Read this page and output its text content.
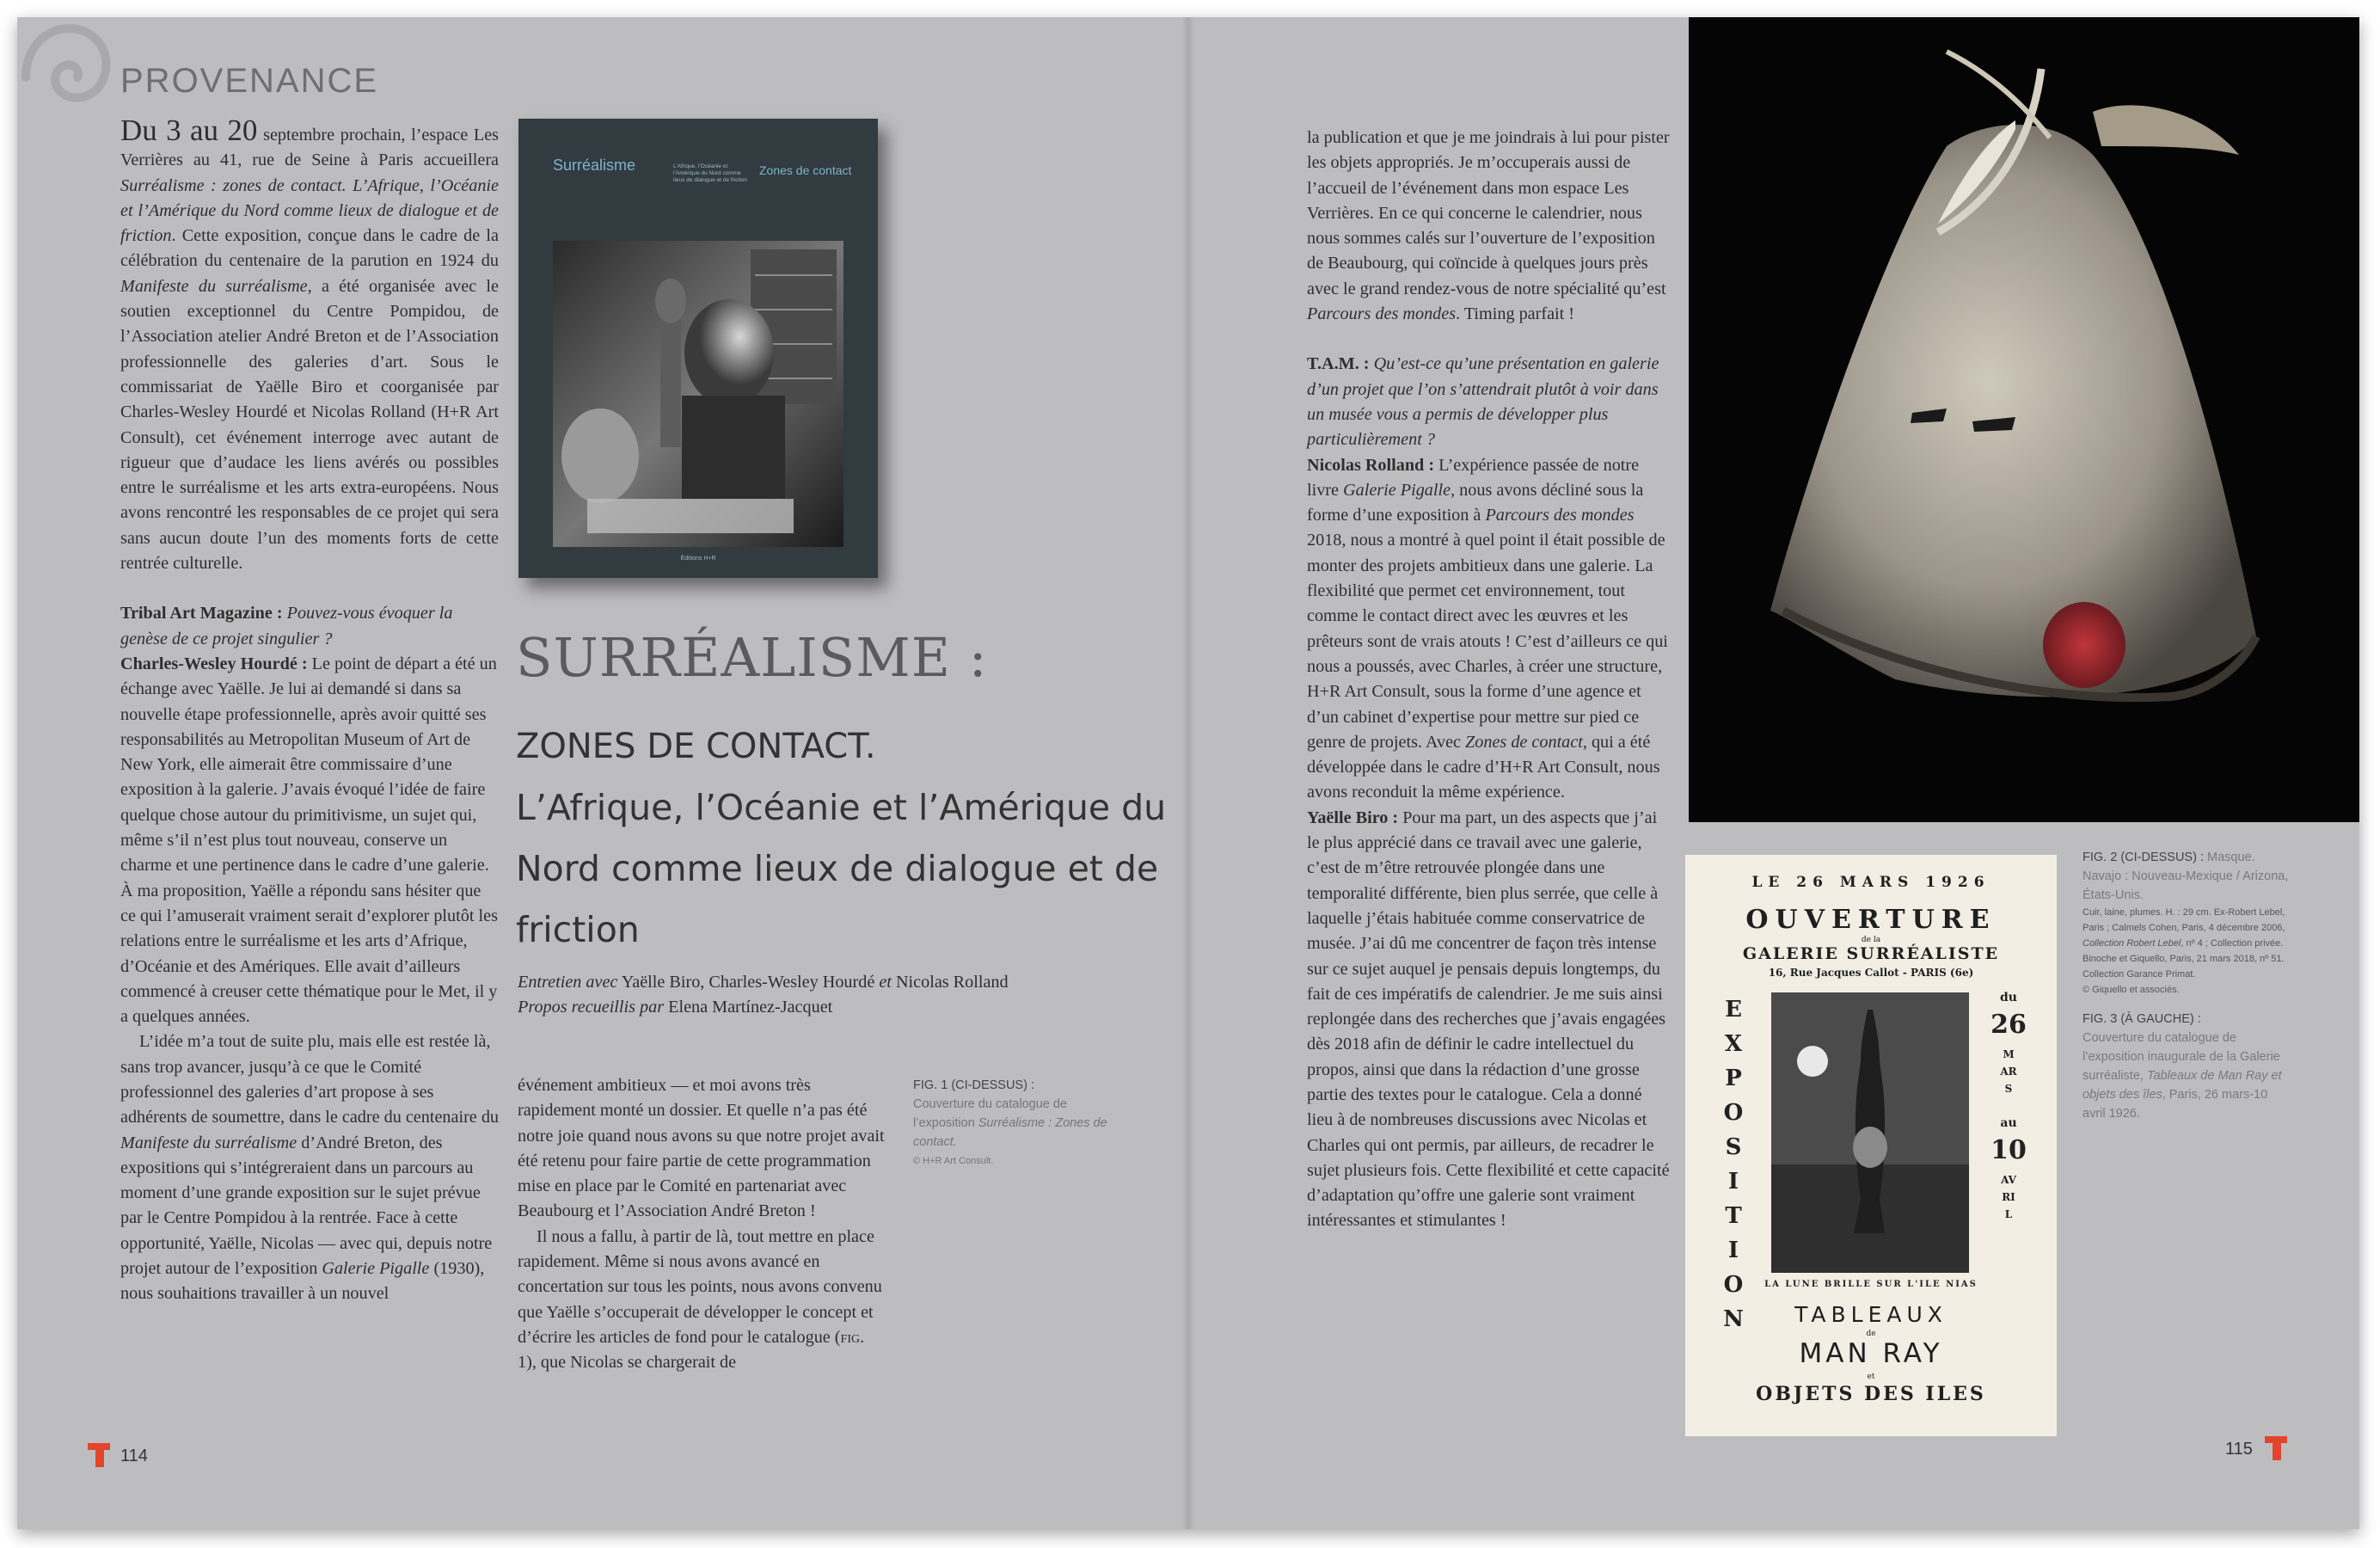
PROVENANCE

Du 3 au 20 septembre prochain, l’espace Les Verrières au 41, rue de Seine à Paris accueillera Surréalisme : zones de contact. L’Afrique, l’Océanie et l’Amérique du Nord comme lieux de dialogue et de friction. Cette exposition, conçue dans le cadre de la célébration du centenaire de la parution en 1924 du Manifeste du surréalisme, a été organisée avec le soutien exceptionnel du Centre Pompidou, de l’Association atelier André Breton et de l’Association professionnelle des galeries d’art. Sous le commissariat de Yaëlle Biro et coorganisée par Charles-Wesley Hourdé et Nicolas Rolland (H+R Art Consult), cet événement interroge avec autant de rigueur que d’audace les liens avérés ou possibles entre le surréalisme et les arts extra-européens. Nous avons rencontré les responsables de ce projet qui sera sans aucun doute l’un des moments forts de cette rentrée culturelle.

Tribal Art Magazine : Pouvez-vous évoquer la genèse de ce projet singulier ?

Charles-Wesley Hourdé : Le point de départ a été un échange avec Yaëlle. Je lui ai demandé si dans sa nouvelle étape professionnelle, après avoir quitté ses responsabilités au Metropolitan Museum of Art de New York, elle aimerait être commissaire d’une exposition à la galerie. J’avais évoqué l’idée de faire quelque chose autour du primitivisme, un sujet qui, même s’il n’est plus tout nouveau, conserve un charme et une pertinence dans le cadre d’une galerie. À ma proposition, Yaëlle a répondu sans hésiter que ce qui l’amuserait vraiment serait d’explorer plutôt les relations entre le surréalisme et les arts d’Afrique, d’Océanie et des Amériques. Elle avait d’ailleurs commencé à creuser cette thématique pour le Met, il y a quelques années.

L’idée m’a tout de suite plu, mais elle est restée là, sans trop avancer, jusqu’à ce que le Comité professionnel des galeries d’art propose à ses adhérents de soumettre, dans le cadre du centenaire du Manifeste du surréalisme d’André Breton, des expositions qui s’intégreraient dans un parcours au moment d’une grande exposition sur le sujet prévue par le Centre Pompidou à la rentrée. Face à cette opportunité, Yaëlle, Nicolas — avec qui, depuis notre projet autour de l’exposition Galerie Pigalle (1930), nous souhaitions travailler à un nouvel

Surréalisme	L’Afrique, l’Océanie et l’Amérique du Nord comme lieux de dialogue et de friction
Zones de contact
Éditions H+R
SURRÉALISME :
ZONES DE CONTACT.
L’Afrique, l’Océanie et l’Amérique du Nord comme lieux de dialogue et de friction
Entretien avec Yaëlle Biro, Charles-Wesley Hourdé et Nicolas Rolland
Propos recueillis par Elena Martínez-Jacquet

événement ambitieux — et moi avons très rapidement monté un dossier. Et quelle n’a pas été notre joie quand nous avons su que notre projet avait été retenu pour faire partie de cette programmation mise en place par le Comité en partenariat avec Beaubourg et l’Association André Breton !

Il nous a fallu, à partir de là, tout mettre en place rapidement. Même si nous avons avancé en concertation sur tous les points, nous avons convenu que Yaëlle s’occuperait de développer le concept et d’écrire les articles de fond pour le catalogue (fig. 1), que Nicolas se chargerait de

FIG. 1 (CI-DESSUS) :
Couverture du catalogue de l’exposition Surréalisme : Zones de contact.
© H+R Art Consult.
114

la publication et que je me joindrais à lui pour pister les objets appropriés. Je m’occuperais aussi de l’accueil de l’événement dans mon espace Les Verrières. En ce qui concerne le calendrier, nous nous sommes calés sur l’ouverture de l’exposition de Beaubourg, qui coïncide à quelques jours près avec le grand rendez-vous de notre spécialité qu’est Parcours des mondes. Timing parfait !

T.A.M. : Qu’est-ce qu’une présentation en galerie d’un projet que l’on s’attendrait plutôt à voir dans un musée vous a permis de développer plus particulièrement ?

Nicolas Rolland : L’expérience passée de notre livre Galerie Pigalle, nous avons décliné sous la forme d’une exposition à Parcours des mondes 2018, nous a montré à quel point il était possible de monter des projets ambitieux dans une galerie. La flexibilité que permet cet environnement, tout comme le contact direct avec les œuvres et les prêteurs sont de vrais atouts ! C’est d’ailleurs ce qui nous a poussés, avec Charles, à créer une structure, H+R Art Consult, sous la forme d’une agence et d’un cabinet d’expertise pour mettre sur pied ce genre de projets. Avec Zones de contact, qui a été développée dans le cadre d’H+R Art Consult, nous avons reconduit la même expérience.

Yaëlle Biro : Pour ma part, un des aspects que j’ai le plus apprécié dans ce travail avec une galerie, c’est de m’être retrouvée plongée dans une temporalité différente, bien plus serrée, que celle à laquelle j’étais habituée comme conservatrice de musée. J’ai dû me concentrer de façon très intense sur ce sujet auquel je pensais depuis longtemps, du fait de ces impératifs de calendrier. Je me suis ainsi replongée dans des recherches que j’avais engagées dès 2018 afin de définir le cadre intellectuel du propos, ainsi que dans la rédaction d’une grosse partie des textes pour le catalogue. Cela a donné lieu à de nombreuses discussions avec Nicolas et Charles qui ont permis, par ailleurs, de recadrer le sujet plusieurs fois. Cette flexibilité et cette capacité d’adaptation qu’offre une galerie sont vraiment intéressantes et stimulantes !

LE 26 MARS 1926
OUVERTURE
de la
GALERIE SURRÉALISTE
16, Rue Jacques Callot - PARIS (6e)
EXPOSITION
du
26
MARS
au
10
AVRIL
LA LUNE BRILLE SUR L'ILE NIAS
TABLEAUX
de
MAN RAY
et
OBJETS DES ILES
FIG. 2 (CI-DESSUS) : Masque. Navajo : Nouveau-Mexique / Arizona, États-Unis.
Cuir, laine, plumes. H. : 29 cm. Ex-Robert Lebel, Paris ; Calmels Cohen, Paris, 4 décembre 2006, Collection Robert Lebel, nº 4 ; Collection privée. Binoche et Giquello, Paris, 21 mars 2018, nº 51. Collection Garance Primat.
© Giquello et associés.
FIG. 3 (À GAUCHE) :
Couverture du catalogue de l’exposition inaugurale de la Galerie surréaliste, Tableaux de Man Ray et objets des îles, Paris, 26 mars-10 avril 1926.
115
